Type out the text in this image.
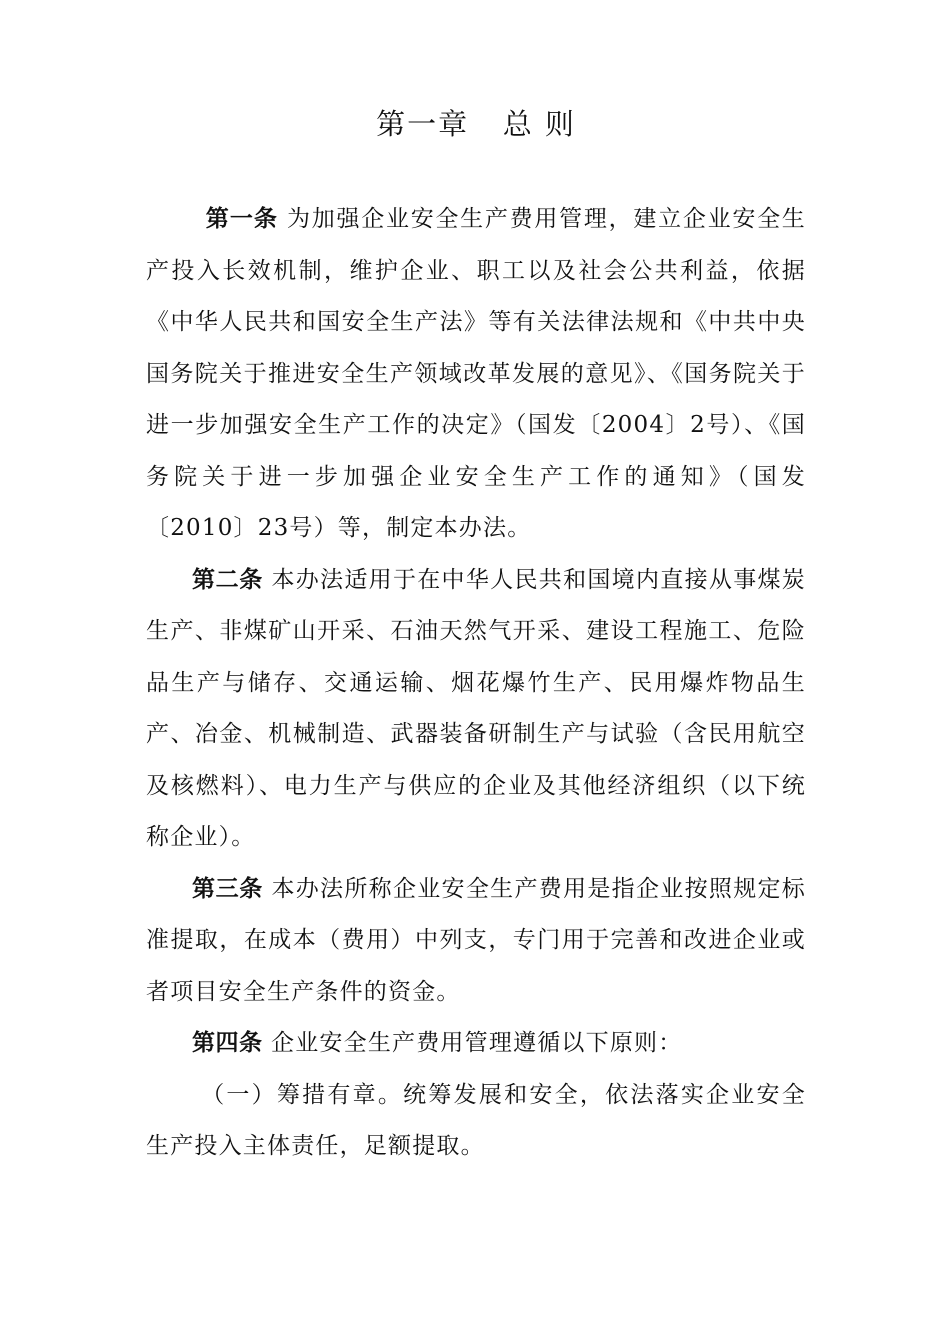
第一章   总 则

第一条 为加强企业安全生产费用管理，建立企业安全生产投入长效机制，维护企业、职工以及社会公共利益，依据《中华人民共和国安全生产法》等有关法律法规和《中共中央 国务院关于推进安全生产领域改革发展的意见》、《国务院关于进一步加强安全生产工作的决定》（国发〔2004〕2号）、《国务院关于进一步加强企业安全生产工作的通知》（国发〔2010〕23号）等，制定本办法。

第二条 本办法适用于在中华人民共和国境内直接从事煤炭生产、非煤矿山开采、石油天然气开采、建设工程施工、危险品生产与储存、交通运输、烟花爆竹生产、民用爆炸物品生产、冶金、机械制造、武器装备研制生产与试验（含民用航空及核燃料）、电力生产与供应的企业及其他经济组织（以下统称企业）。

第三条 本办法所称企业安全生产费用是指企业按照规定标准提取，在成本（费用）中列支，专门用于完善和改进企业或者项目安全生产条件的资金。

第四条 企业安全生产费用管理遵循以下原则：

（一）筹措有章。统筹发展和安全，依法落实企业安全生产投入主体责任，足额提取。
